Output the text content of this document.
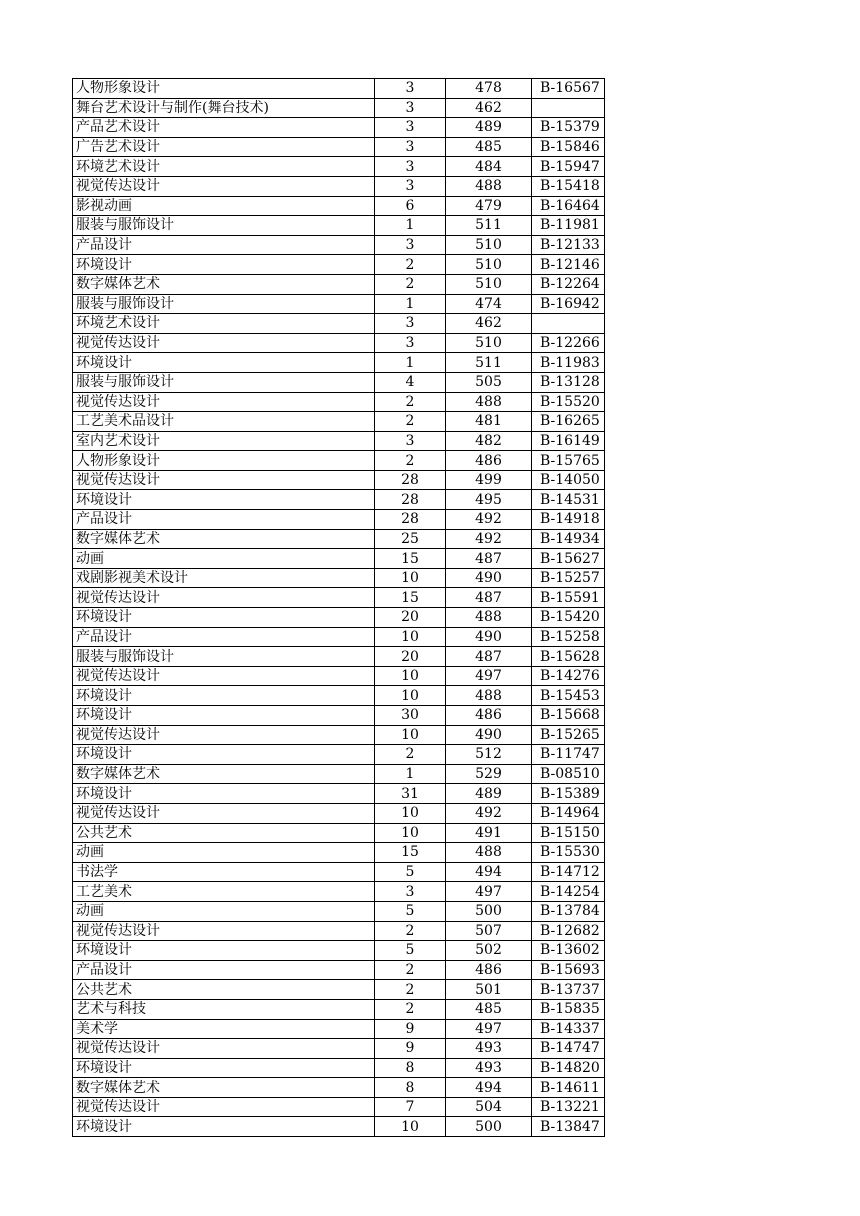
人物形象设计	3	478	B-16567
舞台艺术设计与制作(舞台技术)	3	462	
产品艺术设计	3	489	B-15379
广告艺术设计	3	485	B-15846
环境艺术设计	3	484	B-15947
视觉传达设计	3	488	B-15418
影视动画	6	479	B-16464
服装与服饰设计	1	511	B-11981
产品设计	3	510	B-12133
环境设计	2	510	B-12146
数字媒体艺术	2	510	B-12264
服装与服饰设计	1	474	B-16942
环境艺术设计	3	462	
视觉传达设计	3	510	B-12266
环境设计	1	511	B-11983
服装与服饰设计	4	505	B-13128
视觉传达设计	2	488	B-15520
工艺美术品设计	2	481	B-16265
室内艺术设计	3	482	B-16149
人物形象设计	2	486	B-15765
视觉传达设计	28	499	B-14050
环境设计	28	495	B-14531
产品设计	28	492	B-14918
数字媒体艺术	25	492	B-14934
动画	15	487	B-15627
戏剧影视美术设计	10	490	B-15257
视觉传达设计	15	487	B-15591
环境设计	20	488	B-15420
产品设计	10	490	B-15258
服装与服饰设计	20	487	B-15628
视觉传达设计	10	497	B-14276
环境设计	10	488	B-15453
环境设计	30	486	B-15668
视觉传达设计	10	490	B-15265
环境设计	2	512	B-11747
数字媒体艺术	1	529	B-08510
环境设计	31	489	B-15389
视觉传达设计	10	492	B-14964
公共艺术	10	491	B-15150
动画	15	488	B-15530
书法学	5	494	B-14712
工艺美术	3	497	B-14254
动画	5	500	B-13784
视觉传达设计	2	507	B-12682
环境设计	5	502	B-13602
产品设计	2	486	B-15693
公共艺术	2	501	B-13737
艺术与科技	2	485	B-15835
美术学	9	497	B-14337
视觉传达设计	9	493	B-14747
环境设计	8	493	B-14820
数字媒体艺术	8	494	B-14611
视觉传达设计	7	504	B-13221
环境设计	10	500	B-13847
